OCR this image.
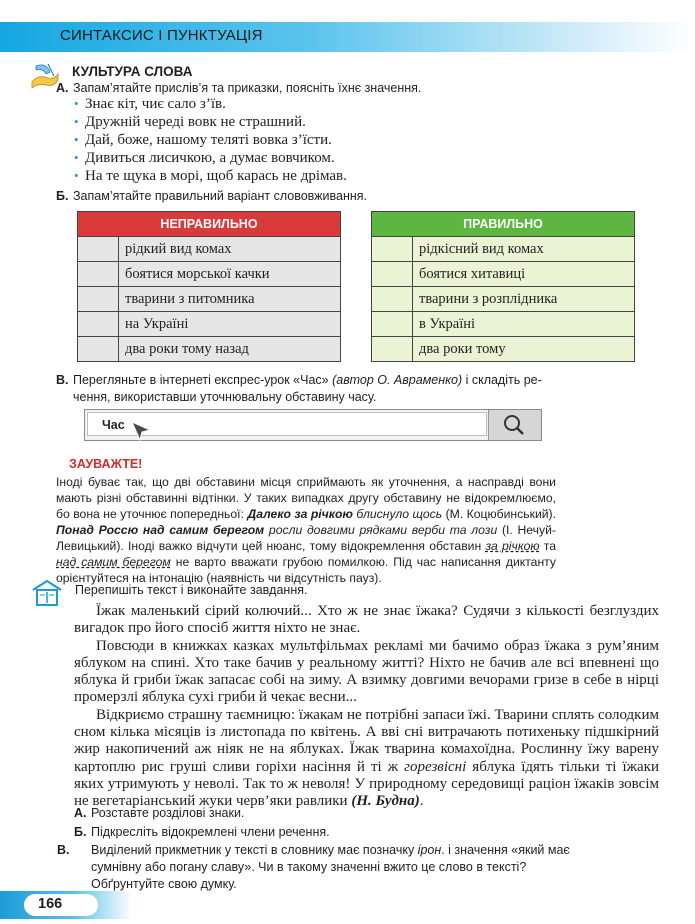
СИНТАКСИС І ПУНКТУАЦІЯ
КУЛЬТУРА СЛОВА
А. Запам’ятайте прислів’я та приказки, поясніть їхнє значення.
• Знає кіт, чиє сало з’їв.
• Дружній череді вовк не страшний.
• Дай, боже, нашому теляті вовка з’їсти.
• Дивиться лисичкою, а думає вовчиком.
• На те щука в морі, щоб карась не дрімав.
Б. Запам’ятайте правильний варіант слововживання.
НЕПРАВИЛЬНО	
	рідкий вид комах
	боятися морської качки
	тварини з питомника
	на Україні
	два роки тому назад
ПРАВИЛЬНО	
	рідкісний вид комах
	боятися хитавиці
	тварини з розплідника
	в Україні
	два роки тому
В. Перегляньте в інтернеті експрес-урок «Час» (автор О. Авраменко) і складіть ре-
чення, використавши уточнювальну обставину часу.
Час
ЗАУВАЖТЕ!
Іноді буває так, що дві обставини місця сприймають як уточнення, а насправді вони мають різні обставинні відтінки. У таких випадках другу обставину не відокремлюємо, бо вона не уточнює попередньої: Далеко за річкою блиснуло щось (М. Коцюбинський). Понад Россю над самим берегом росли довгими рядками верби та лози (І. Нечуй-Левицький). Іноді важко відчути цей нюанс, тому відокремлення обставин за річкою та над самим берегом не варто вважати грубою помилкою. Під час написання диктанту орієнтуйтеся на інтонацію (наявність чи відсутність пауз).
Перепишіть текст і виконайте завдання.

Їжак маленький сірий колючий... Хто ж не знає їжака? Судячи з кількості безглуздих вигадок про його спосіб життя ніхто не знає.

Повсюди в книжках казках мультфільмах рекламі ми бачимо образ їжака з рум’яним яблуком на спині. Хто таке бачив у реальному житті? Ніхто не бачив але всі впевнені що яблука й гриби їжак запасає собі на зиму. А взимку довгими вечорами гризе в себе в нірці промерзлі яблука сухі гриби й чекає весни...

Відкриємо страшну таємницю: їжакам не потрібні запаси їжі. Тварини сплять солодким сном кілька місяців із листопада по квітень. А вві сні витрачають потихеньку підшкірний жир накопичений аж ніяк не на яблуках. Їжак тварина комахоїдна. Рослинну їжу варену картоплю рис груші сливи горіхи насіння й ті ж горезвісні яблука їдять тільки ті їжаки яких утримують у неволі. Так то ж неволя! У природному середовищі раціон їжаків зовсім не вегетаріанський жуки черв’яки равлики (Н. Будна).

А. Розставте розділові знаки.
Б. Підкресліть відокремлені члени речення.
В. Виділений прикметник у тексті в словнику має позначку ірон. і значення «який має сумнівну або погану славу». Чи в такому значенні вжито це слово в тексті? Обґрунтуйте свою думку.
166
